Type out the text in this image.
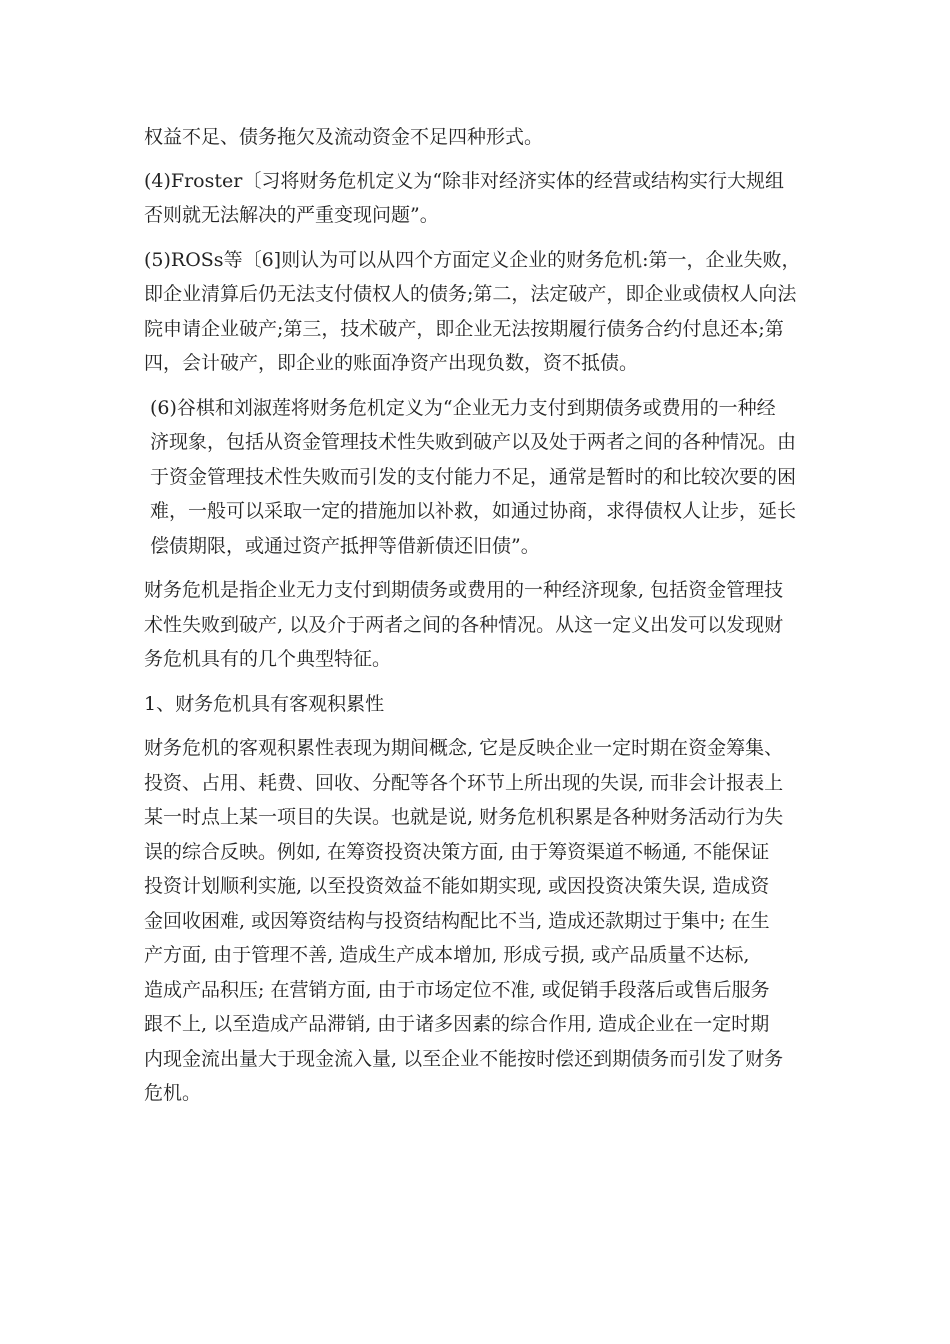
权益不足、债务拖欠及流动资金不足四种形式。

(4)Froster〔习将财务危机定义为“除非对经济实体的经营或结构实行大规组
否则就无法解决的严重变现问题”。

(5)ROSs等〔6]则认为可以从四个方面定义企业的财务危机:第一，企业失败，
即企业清算后仍无法支付债权人的债务;第二，法定破产，即企业或债权人向法
院申请企业破产;第三，技术破产，即企业无法按期履行债务合约付息还本;第
四，会计破产，即企业的账面净资产出现负数，资不抵债。

(6)谷棋和刘淑莲将财务危机定义为“企业无力支付到期债务或费用的一种经
济现象，包括从资金管理技术性失败到破产以及处于两者之间的各种情况。由
于资金管理技术性失败而引发的支付能力不足，通常是暂时的和比较次要的困
难，一般可以采取一定的措施加以补救，如通过协商，求得债权人让步，延长
偿债期限，或通过资产抵押等借新债还旧债”。

财务危机是指企业无力支付到期债务或费用的一种经济现象, 包括资金管理技
术性失败到破产, 以及介于两者之间的各种情况。从这一定义出发可以发现财
务危机具有的几个典型特征。

1、财务危机具有客观积累性

财务危机的客观积累性表现为期间概念, 它是反映企业一定时期在资金筹集、
投资、占用、耗费、回收、分配等各个环节上所出现的失误, 而非会计报表上
某一时点上某一项目的失误。也就是说, 财务危机积累是各种财务活动行为失
误的综合反映。例如, 在筹资投资决策方面, 由于筹资渠道不畅通, 不能保证
投资计划顺利实施, 以至投资效益不能如期实现, 或因投资决策失误, 造成资
金回收困难, 或因筹资结构与投资结构配比不当, 造成还款期过于集中; 在生
产方面, 由于管理不善, 造成生产成本增加, 形成亏损, 或产品质量不达标,
造成产品积压; 在营销方面, 由于市场定位不准, 或促销手段落后或售后服务
跟不上, 以至造成产品滞销, 由于诸多因素的综合作用, 造成企业在一定时期
内现金流出量大于现金流入量, 以至企业不能按时偿还到期债务而引发了财务
危机。
